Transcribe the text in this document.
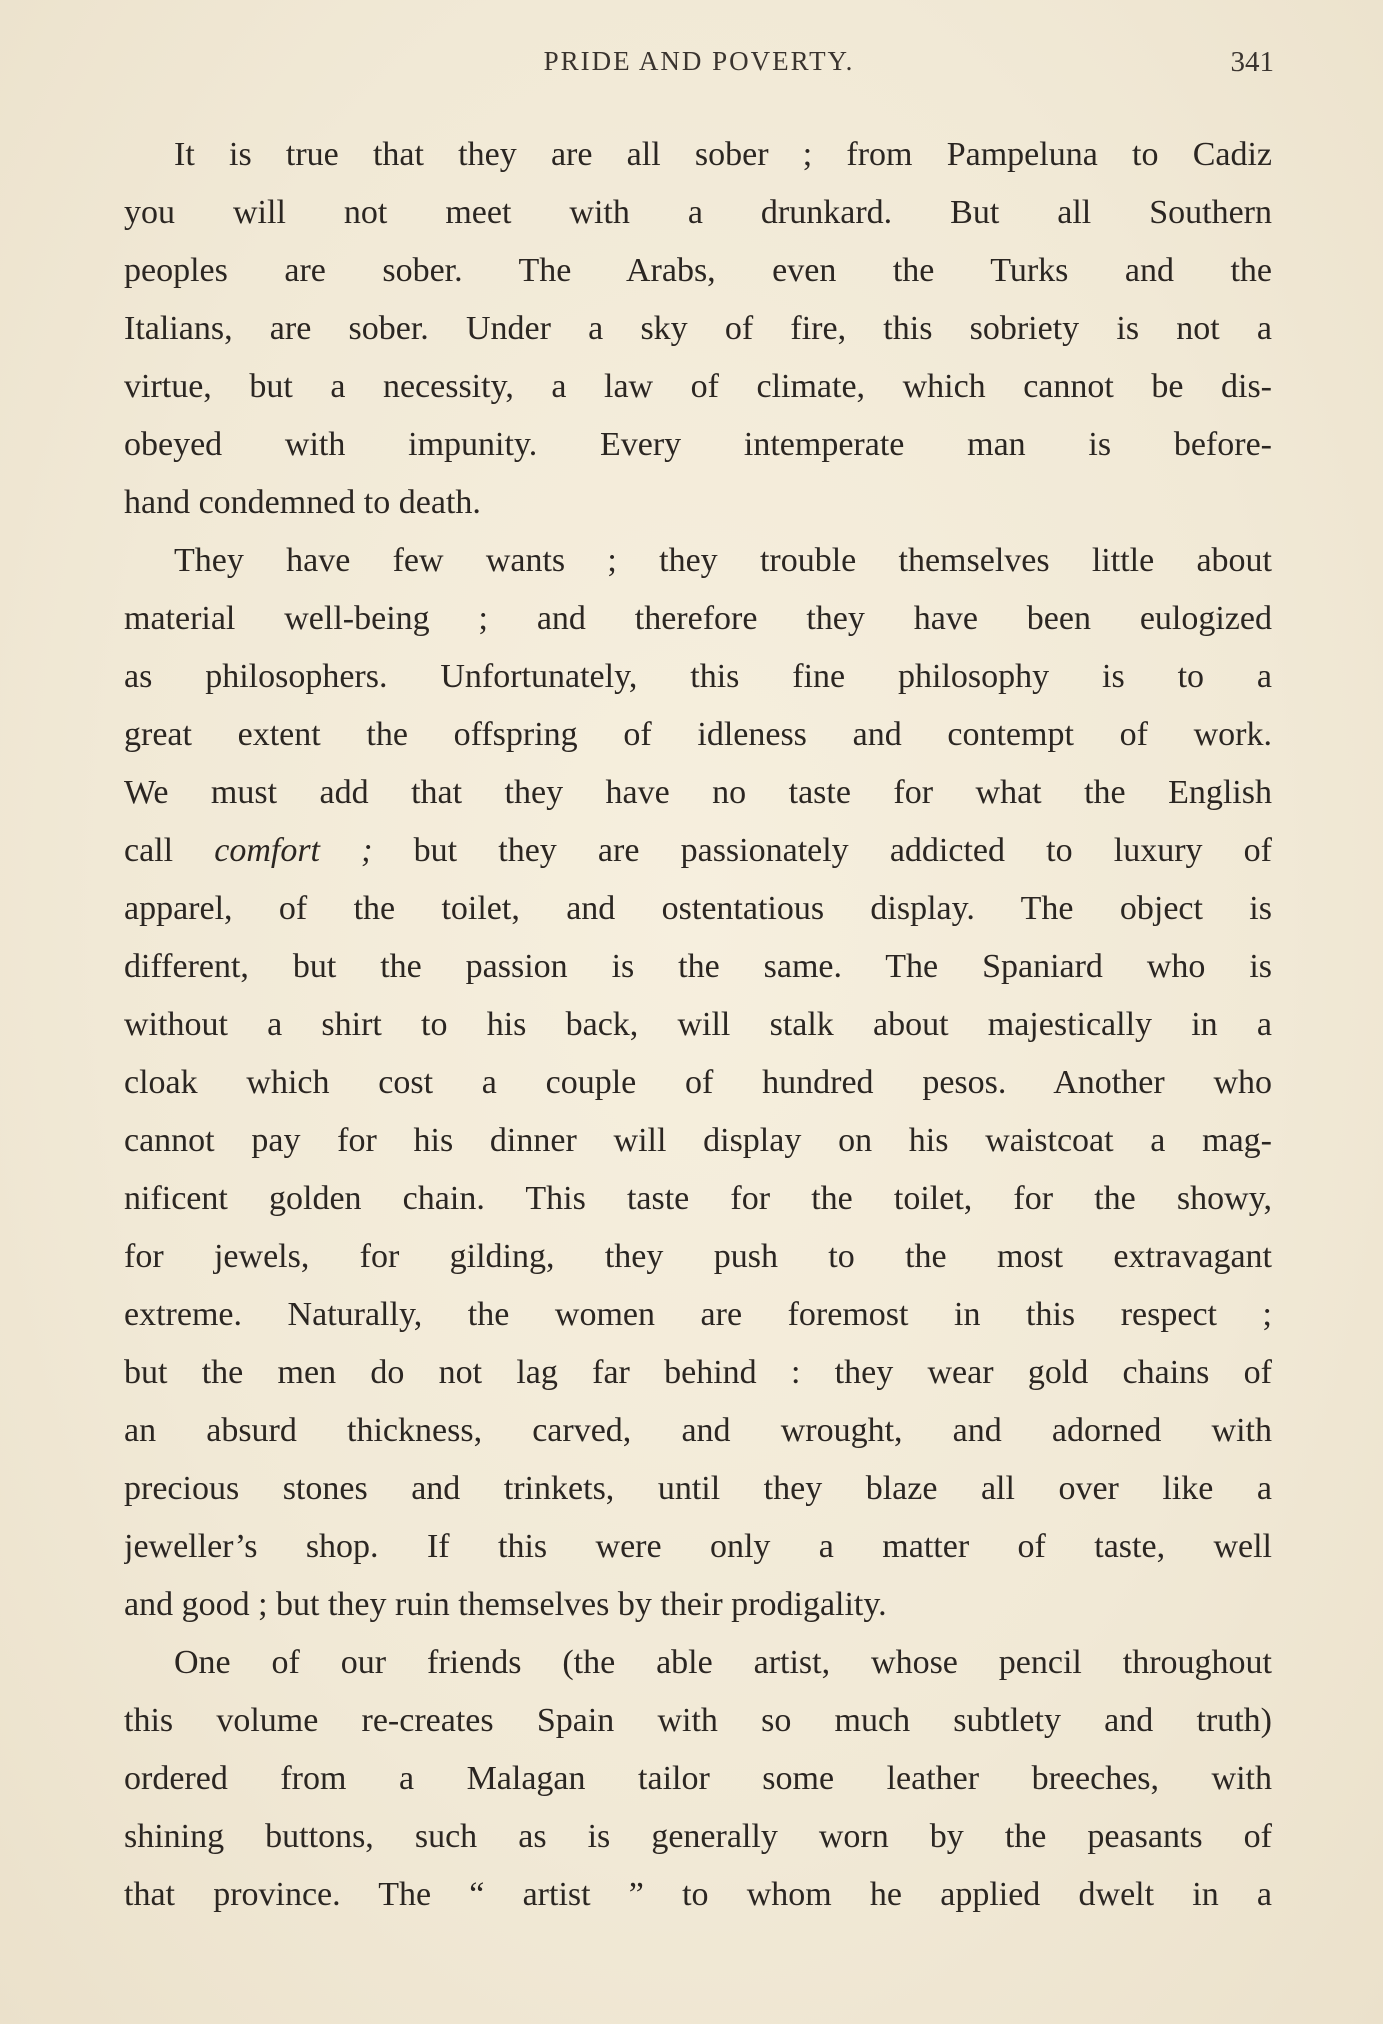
PRIDE AND POVERTY.	341
It is true that they are all sober ; from Pampeluna to Cadiz
you will not meet with a drunkard. But all Southern
peoples are sober. The Arabs, even the Turks and the
Italians, are sober. Under a sky of fire, this sobriety is not a
virtue, but a necessity, a law of climate, which cannot be dis-
obeyed with impunity. Every intemperate man is before-
hand condemned to death.
They have few wants ; they trouble themselves little about
material well-being ; and therefore they have been eulogized
as philosophers. Unfortunately, this fine philosophy is to a
great extent the offspring of idleness and contempt of work.
We must add that they have no taste for what the English
call comfort ; but they are passionately addicted to luxury of
apparel, of the toilet, and ostentatious display. The object is
different, but the passion is the same. The Spaniard who is
without a shirt to his back, will stalk about majestically in a
cloak which cost a couple of hundred pesos. Another who
cannot pay for his dinner will display on his waistcoat a mag-
nificent golden chain. This taste for the toilet, for the showy,
for jewels, for gilding, they push to the most extravagant
extreme. Naturally, the women are foremost in this respect ;
but the men do not lag far behind : they wear gold chains of
an absurd thickness, carved, and wrought, and adorned with
precious stones and trinkets, until they blaze all over like a
jeweller’s shop. If this were only a matter of taste, well
and good ; but they ruin themselves by their prodigality.
One of our friends (the able artist, whose pencil throughout
this volume re-creates Spain with so much subtlety and truth)
ordered from a Malagan tailor some leather breeches, with
shining buttons, such as is generally worn by the peasants of
that province. The “ artist ” to whom he applied dwelt in a
